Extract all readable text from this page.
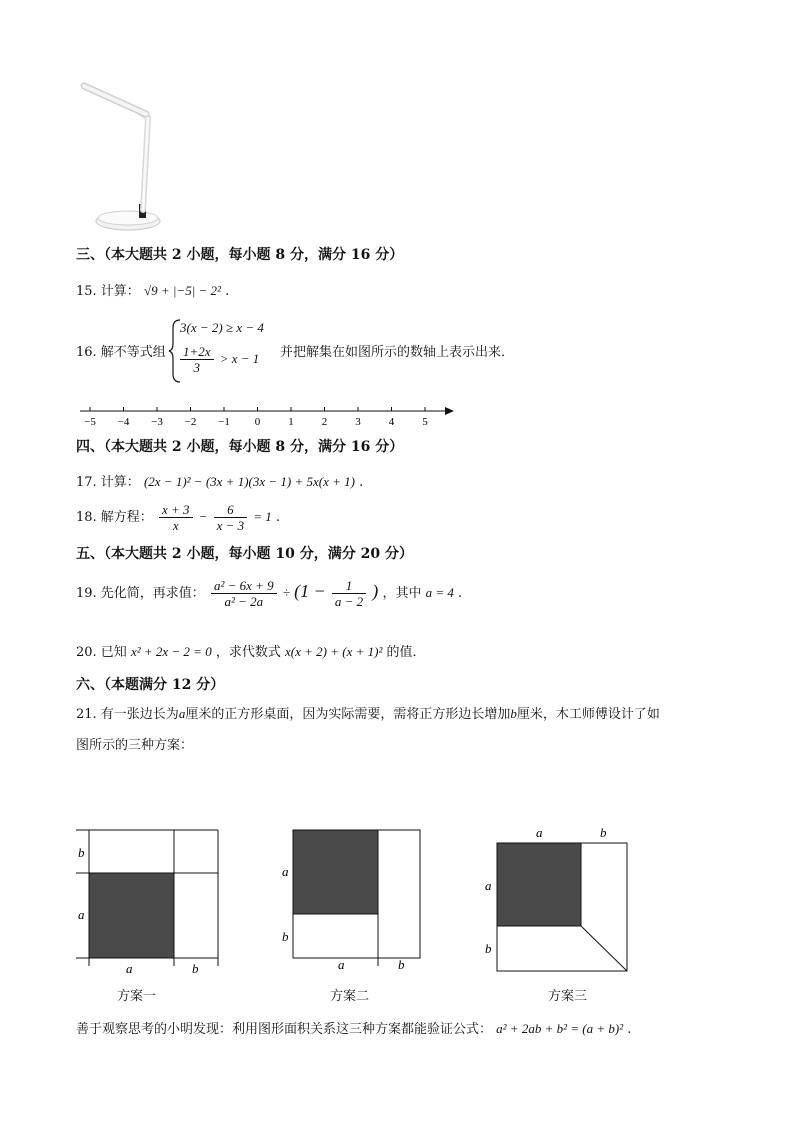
三、（本大题共 2 小题，每小题 8 分，满分 16 分）
15. 计算： √9 + |−5| − 2² .
16. 解不等式组
3(x − 2) ≥ x − 4
$\frac{1+2x}{3} > x - 1$ 并把解集在如图所示的数轴上表示出来．
−5 −4 −3 −2 −1 0	1	2	3	4	5
四、（本大题共 2 小题，每小题 8 分，满分 16 分）
17. 计算： (2x − 1)² − (3x + 1)(3x − 1) + 5x(x + 1) .
18. 解方程： $\frac{x + 3}{x} - \frac{6}{x - 3} = 1$ .
五、（本大题共 2 小题，每小题 10 分，满分 20 分）
19. 先化简，再求值： $\frac{\text{a² − 6x + 9}}{\text{a² − 2a}} \div (1 - \frac{1}{a - 2}$ ) ，其中 a = 4 .
20. 已知 x² + 2x − 2 = 0 ，求代数式 x(x + 2) + (x + 1)² 的值．
六、（本题满分 12 分）
21. 有一张边长为a厘米的正方形桌面，因为实际需要，需将正方形边长增加b厘米，木工师傅设计了如
图所示的三种方案：
b
a
a	b
方案一
a
b
a	b
方案二
a	b
a
b
方案三
善于观察思考的小明发现：利用图形面积关系这三种方案都能验证公式： a² + 2ab + b² = (a + b)² .
